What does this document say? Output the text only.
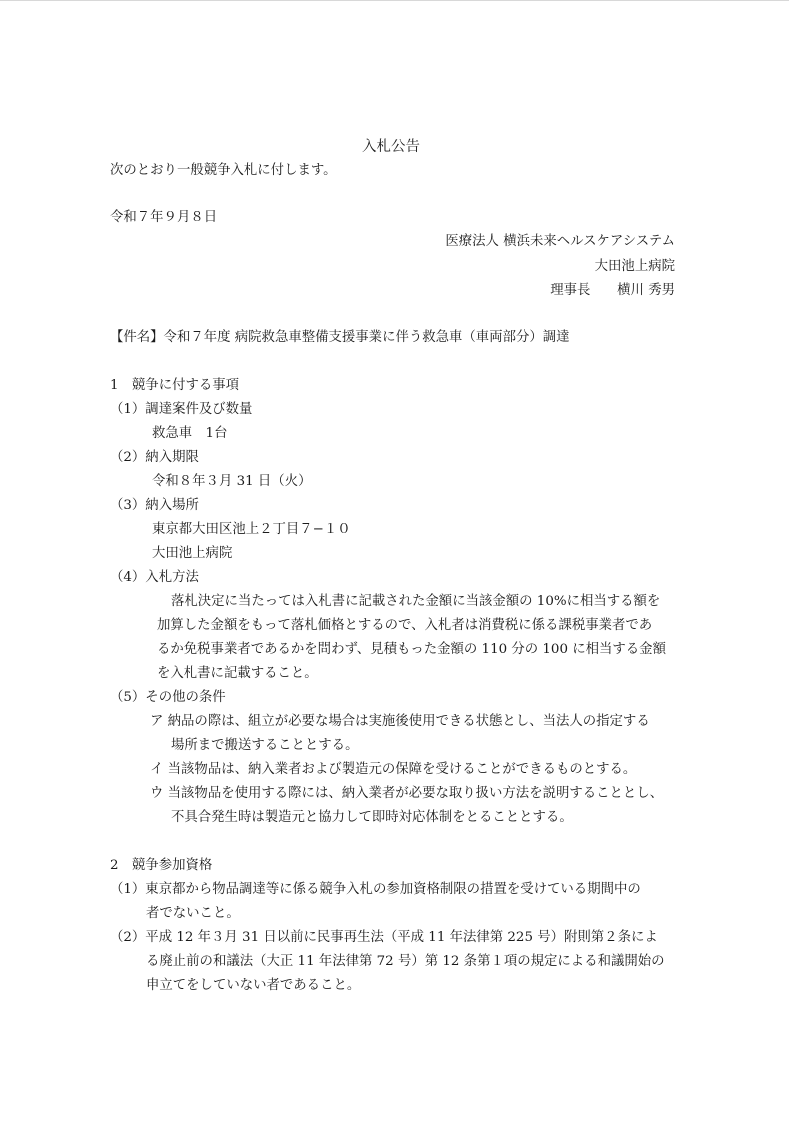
入札公告
次のとおり一般競争入札に付します。
令和７年９月８日
医療法人 横浜未来ヘルスケアシステム
大田池上病院
理事長　　横川 秀男
【件名】令和７年度 病院救急車整備支援事業に伴う救急車（車両部分）調達
1　競争に付する事項
（1）調達案件及び数量
救急車　1台
（2）納入期限
令和８年３月 31 日（火）
（3）納入場所
東京都大田区池上２丁目７−１０
大田池上病院
（4）入札方法
落札決定に当たっては入札書に記載された金額に当該金額の 10%に相当する額を
加算した金額をもって落札価格とするので、入札者は消費税に係る課税事業者であ
るか免税事業者であるかを問わず、見積もった金額の 110 分の 100 に相当する金額
を入札書に記載すること。
（5）その他の条件
ア 納品の際は、組立が必要な場合は実施後使用できる状態とし、当法人の指定する
場所まで搬送することとする。
イ 当該物品は、納入業者および製造元の保障を受けることができるものとする。
ウ 当該物品を使用する際には、納入業者が必要な取り扱い方法を説明することとし、
不具合発生時は製造元と協力して即時対応体制をとることとする。
2　競争参加資格
（1）東京都から物品調達等に係る競争入札の参加資格制限の措置を受けている期間中の
者でないこと。
（2）平成 12 年３月 31 日以前に民事再生法（平成 11 年法律第 225 号）附則第２条によ
る廃止前の和議法（大正 11 年法律第 72 号）第 12 条第１項の規定による和議開始の
申立てをしていない者であること。
